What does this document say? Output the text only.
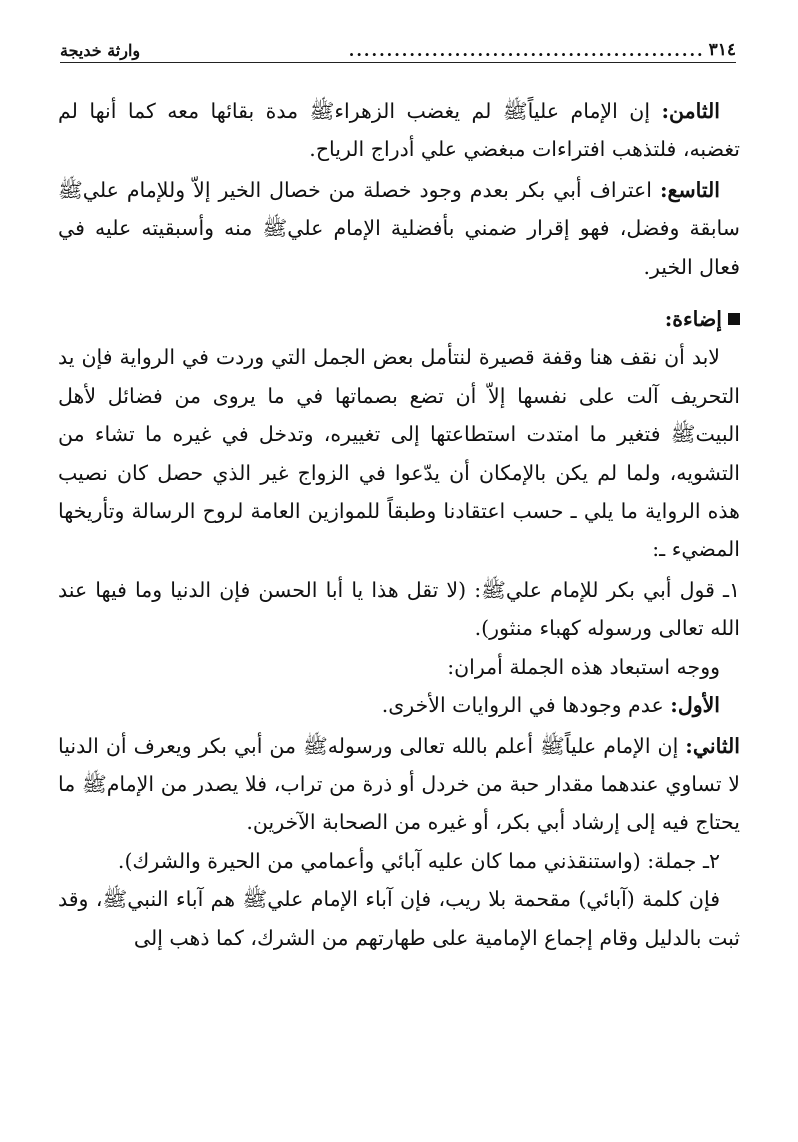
٣١٤
...............................................
وارثة خديجة

الثامن: إن الإمام علياًﷺ لم يغضب الزهراءﷺ مدة بقائها معه كما أنها لم تغضبه، فلتذهب افتراءات مبغضي علي أدراج الرياح.

التاسع: اعتراف أبي بكر بعدم وجود خصلة من خصال الخير إلاّ وللإمام عليﷺ سابقة وفضل، فهو إقرار ضمني بأفضلية الإمام عليﷺ منه وأسبقيته عليه في فعال الخير.

إضاءة:

لابد أن نقف هنا وقفة قصيرة لنتأمل بعض الجمل التي وردت في الرواية فإن يد التحريف آلت على نفسها إلاّ أن تضع بصماتها في ما يروى من فضائل لأهل البيتﷺ فتغير ما امتدت استطاعتها إلى تغييره، وتدخل في غيره ما تشاء من التشويه، ولما لم يكن بالإمكان أن يدّعوا في الزواج غير الذي حصل كان نصيب هذه الرواية ما يلي ـ حسب اعتقادنا وطبقاً للموازين العامة لروح الرسالة وتأريخها المضيء ـ:

١ـ قول أبي بكر للإمام عليﷺ: (لا تقل هذا يا أبا الحسن فإن الدنيا وما فيها عند الله تعالى ورسوله كهباء منثور).

ووجه استبعاد هذه الجملة أمران:

الأول: عدم وجودها في الروايات الأخرى.

الثاني: إن الإمام علياًﷺ أعلم بالله تعالى ورسولهﷺ من أبي بكر ويعرف أن الدنيا لا تساوي عندهما مقدار حبة من خردل أو ذرة من تراب، فلا يصدر من الإمامﷺ ما يحتاج فيه إلى إرشاد أبي بكر، أو غيره من الصحابة الآخرين.

٢ـ جملة: (واستنقذني مما كان عليه آبائي وأعمامي من الحيرة والشرك).

فإن كلمة (آبائي) مقحمة بلا ريب، فإن آباء الإمام عليﷺ هم آباء النبيﷺ، وقد ثبت بالدليل وقام إجماع الإمامية على طهارتهم من الشرك، كما ذهب إلى
